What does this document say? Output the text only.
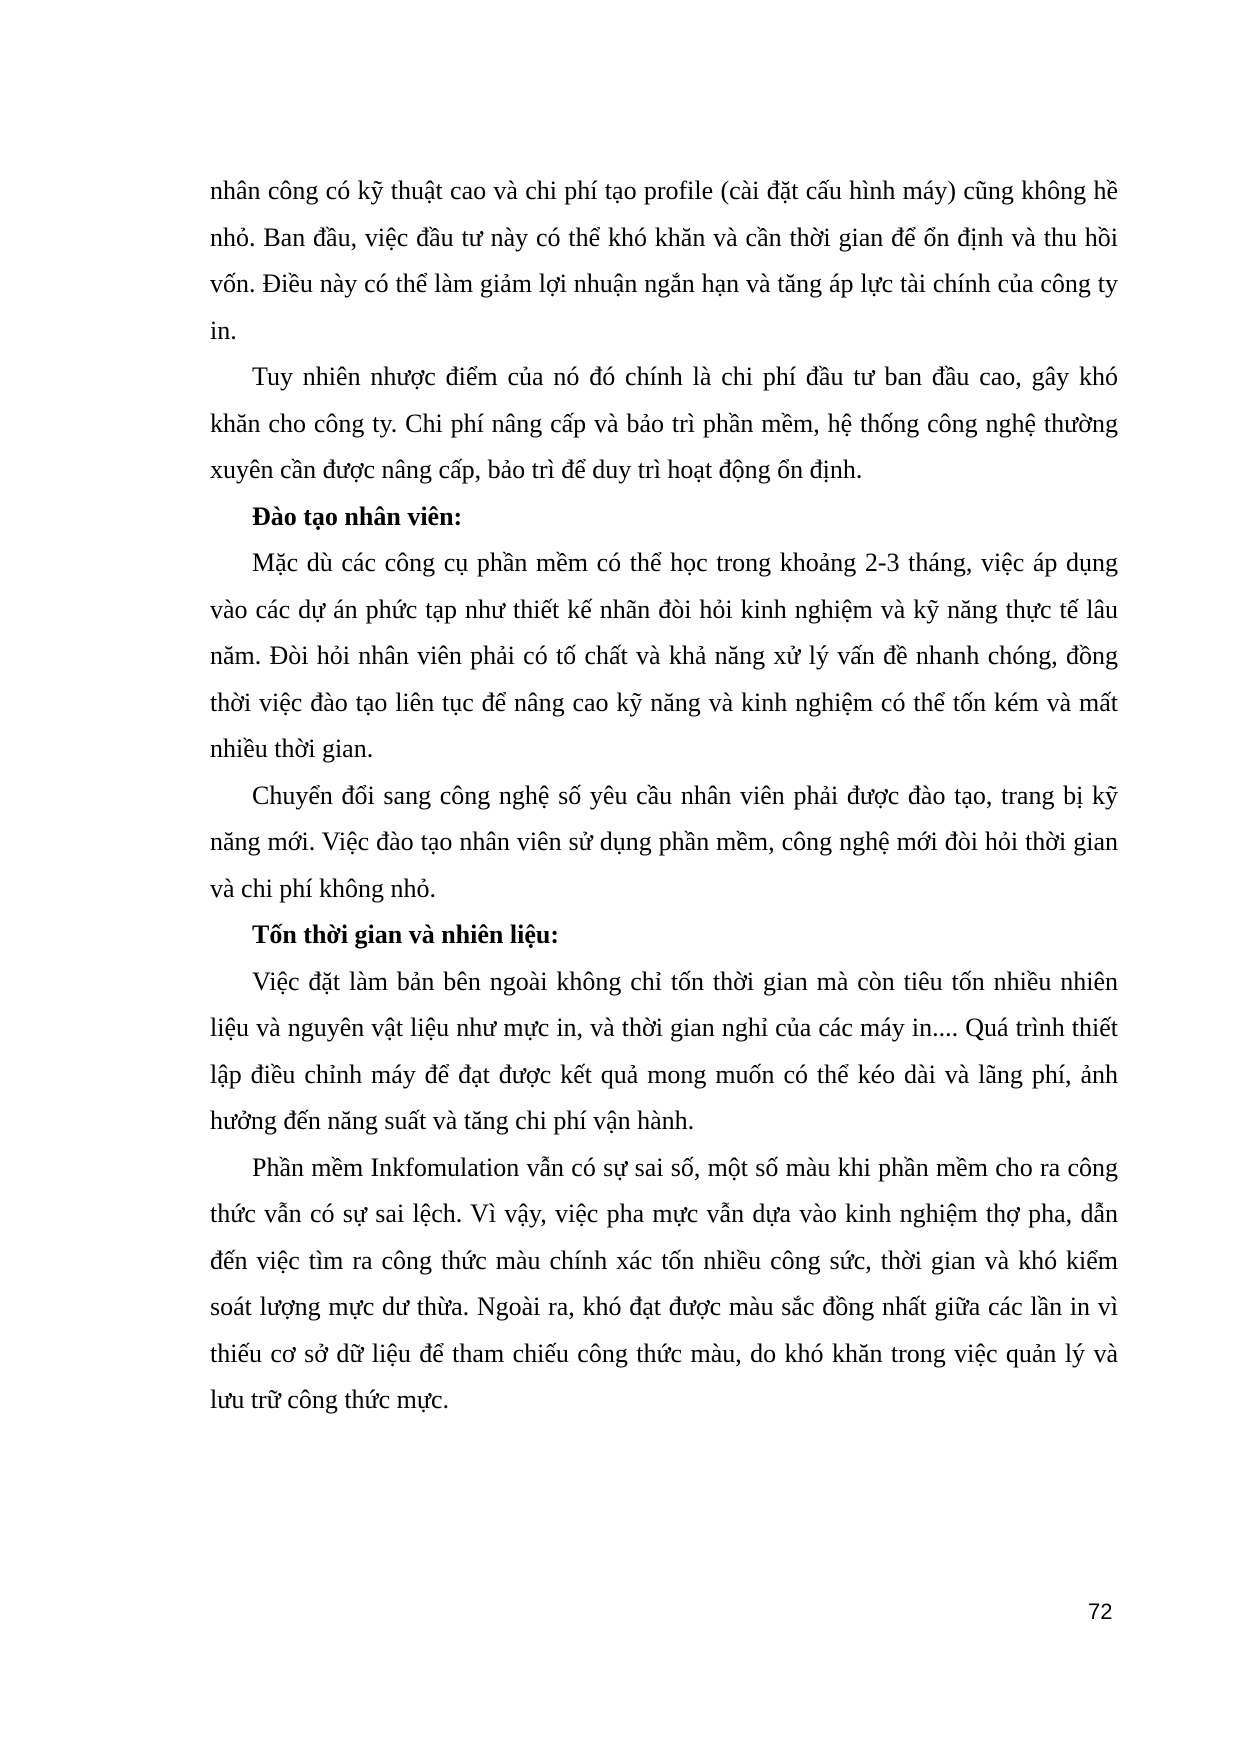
nhân công có kỹ thuật cao và chi phí tạo profile (cài đặt cấu hình máy) cũng không hề nhỏ. Ban đầu, việc đầu tư này có thể khó khăn và cần thời gian để ổn định và thu hồi vốn. Điều này có thể làm giảm lợi nhuận ngắn hạn và tăng áp lực tài chính của công ty in.

Tuy nhiên nhược điểm của nó đó chính là chi phí đầu tư ban đầu cao, gây khó khăn cho công ty. Chi phí nâng cấp và bảo trì phần mềm, hệ thống công nghệ thường xuyên cần được nâng cấp, bảo trì để duy trì hoạt động ổn định.

Đào tạo nhân viên:

Mặc dù các công cụ phần mềm có thể học trong khoảng 2-3 tháng, việc áp dụng vào các dự án phức tạp như thiết kế nhãn đòi hỏi kinh nghiệm và kỹ năng thực tế lâu năm. Đòi hỏi nhân viên phải có tố chất và khả năng xử lý vấn đề nhanh chóng, đồng thời việc đào tạo liên tục để nâng cao kỹ năng và kinh nghiệm có thể tốn kém và mất nhiều thời gian.

Chuyển đổi sang công nghệ số yêu cầu nhân viên phải được đào tạo, trang bị kỹ năng mới. Việc đào tạo nhân viên sử dụng phần mềm, công nghệ mới đòi hỏi thời gian và chi phí không nhỏ.

Tốn thời gian và nhiên liệu:

Việc đặt làm bản bên ngoài không chỉ tốn thời gian mà còn tiêu tốn nhiều nhiên liệu và nguyên vật liệu như mực in, và thời gian nghỉ của các máy in.... Quá trình thiết lập điều chỉnh máy để đạt được kết quả mong muốn có thể kéo dài và lãng phí, ảnh hưởng đến năng suất và tăng chi phí vận hành.

Phần mềm Inkfomulation vẫn có sự sai số, một số màu khi phần mềm cho ra công thức vẫn có sự sai lệch. Vì vậy, việc pha mực vẫn dựa vào kinh nghiệm thợ pha, dẫn đến việc tìm ra công thức màu chính xác tốn nhiều công sức, thời gian và khó kiểm soát lượng mực dư thừa. Ngoài ra, khó đạt được màu sắc đồng nhất giữa các lần in vì thiếu cơ sở dữ liệu để tham chiếu công thức màu, do khó khăn trong việc quản lý và lưu trữ công thức mực.

72
